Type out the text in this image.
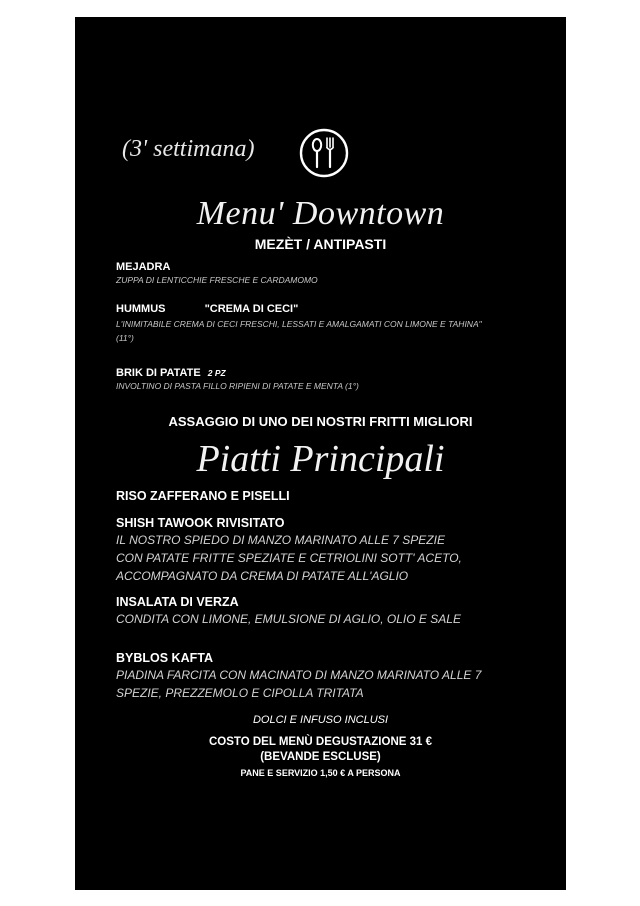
(3' settimana)
Menu' Downtown
MEZÈT / ANTIPASTI
MEJADRA
ZUPPA DI LENTICCHIE FRESCHE E CARDAMOMO
HUMMUS	"CREMA DI CECI"
L'INIMITABILE CREMA DI CECI FRESCHI, LESSATI E AMALGAMATI CON LIMONE E TAHINA"
(11°)
BRIK DI PATATE 2 PZ
INVOLTINO DI PASTA FILLO RIPIENI DI PATATE E MENTA (1°)
ASSAGGIO DI UNO DEI NOSTRI FRITTI MIGLIORI
Piatti Principali
RISO ZAFFERANO E PISELLI
SHISH TAWOOK RIVISITATO
IL NOSTRO SPIEDO DI MANZO MARINATO ALLE 7 SPEZIE
CON PATATE FRITTE SPEZIATE E CETRIOLINI SOTT' ACETO,
ACCOMPAGNATO DA CREMA DI PATATE ALL'AGLIO
INSALATA DI VERZA
CONDITA CON LIMONE, EMULSIONE DI AGLIO, OLIO E SALE
BYBLOS KAFTA
PIADINA FARCITA CON MACINATO DI MANZO MARINATO ALLE 7
SPEZIE, PREZZEMOLO E CIPOLLA TRITATA
DOLCI E INFUSO INCLUSI
COSTO DEL MENÙ DEGUSTAZIONE 31 €
(BEVANDE ESCLUSE)
PANE E SERVIZIO 1,50 € A PERSONA
